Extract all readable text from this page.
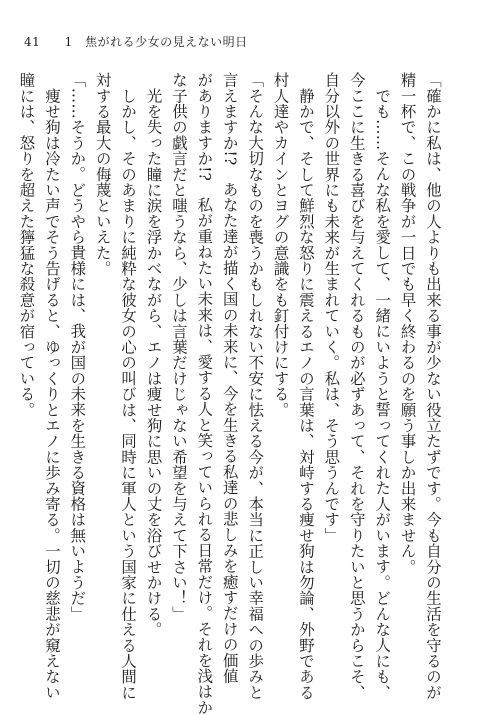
41 1 焦がれる少女の見えない明日

「確かに私は、他の人よりも出来る事が少ない役立たずです。今も自分の生活を守るのが

精一杯で、この戦争が一日でも早く終わるのを願う事しか出来ません。

　でも……そんな私を愛して、一緒にいようと誓ってくれた人がいます。どんな人にも、

今ここに生きる喜びを与えてくれるものが必ずあって、それを守りたいと思うからこそ、

自分以外の世界にも未来が生まれていく。私は、そう思うんです」

　静かで、そして鮮烈な怒りに震えるエノの言葉は、対峙する痩せ狗は勿論、外野である

村人達やカインとヨグの意識をも釘付けにする。

「そんな大切なものを喪うかもしれない不安に怯える今が、本当に正しい幸福への歩みと

言えますか!?　あなた達が描く国の未来に、今を生きる私達の悲しみを癒すだけの価値

がありますか!?　私が重ねたい未来は、愛する人と笑っていられる日常だけ。それを浅はか

な子供の戯言だと嗤うなら、少しは言葉だけじゃない希望を与えて下さい！」

　光を失った瞳に涙を浮かべながら、エノは痩せ狗に思いの丈を浴びせかける。

　しかし、そのあまりに純粋な彼女の心の叫びは、同時に軍人という国家に仕える人間に

対する最大の侮蔑といえた。

「……そうか。どうやら貴様には、我が国の未来を生きる資格は無いようだ」

　痩せ狗は冷たい声でそう告げると、ゆっくりとエノに歩み寄る。一切の慈悲が窺えない

瞳には、怒りを超えた獰猛な殺意が宿っている。
